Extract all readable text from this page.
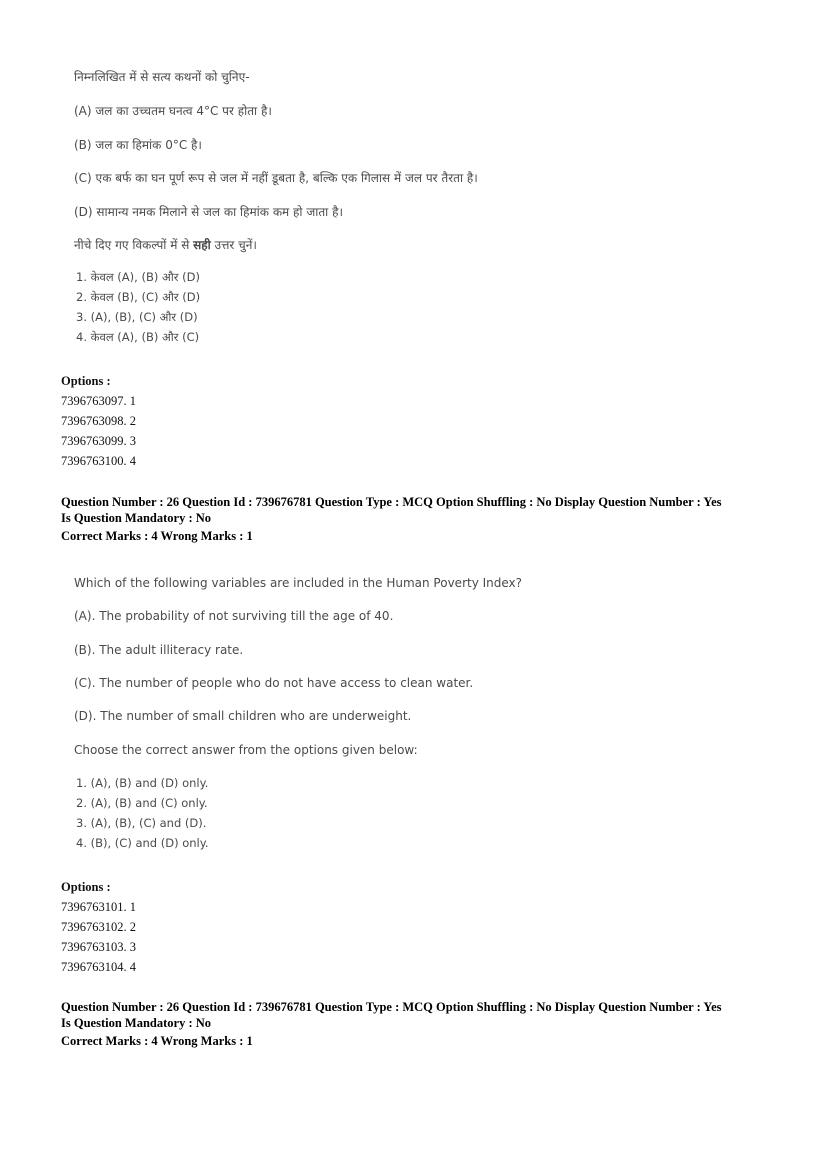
निम्नलिखित में से सत्य कथनों को चुनिए-
(A) जल का उच्चतम घनत्व 4°C पर होता है।
(B) जल का हिमांक 0°C है।
(C) एक बर्फ का घन पूर्ण रूप से जल में नहीं डूबता है, बल्कि एक गिलास में जल पर तैरता है।
(D) सामान्य नमक मिलाने से जल का हिमांक कम हो जाता है।
नीचे दिए गए विकल्पों में से सही उत्तर चुनें।
1. केवल (A), (B) और (D)
2. केवल (B), (C) और (D)
3. (A), (B), (C) और (D)
4. केवल (A), (B) और (C)
Options :
7396763097. 1
7396763098. 2
7396763099. 3
7396763100. 4
Question Number : 26 Question Id : 739676781 Question Type : MCQ Option Shuffling : No Display Question Number : Yes
Is Question Mandatory : No
Correct Marks : 4 Wrong Marks : 1
Which of the following variables are included in the Human Poverty Index?
(A). The probability of not surviving till the age of 40.
(B). The adult illiteracy rate.
(C). The number of people who do not have access to clean water.
(D). The number of small children who are underweight.
Choose the correct answer from the options given below:
1. (A), (B) and (D) only.
2. (A), (B) and (C) only.
3. (A), (B), (C) and (D).
4. (B), (C) and (D) only.
Options :
7396763101. 1
7396763102. 2
7396763103. 3
7396763104. 4
Question Number : 26 Question Id : 739676781 Question Type : MCQ Option Shuffling : No Display Question Number : Yes
Is Question Mandatory : No
Correct Marks : 4 Wrong Marks : 1
